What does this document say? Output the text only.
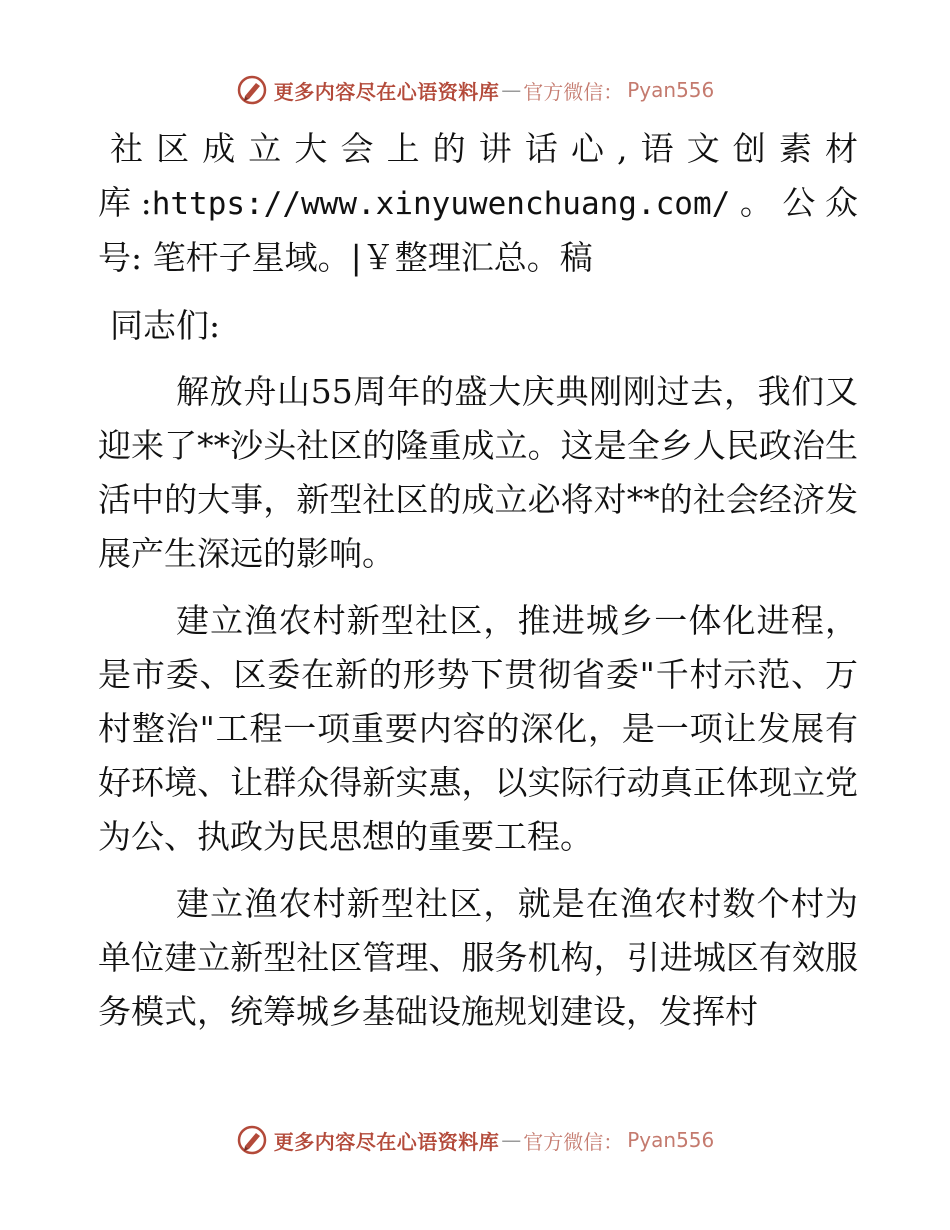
更多内容尽在心语资料库 — 官方微信： Pyan556

社区成立大会上的讲话心,语文创素材库:https://www.xinyuwenchuang.com/。公众号: 笔杆子星域。|￥整理汇总。稿

同志们:

解放舟山55周年的盛大庆典刚刚过去，我们又迎来了**沙头社区的隆重成立。这是全乡人民政治生活中的大事，新型社区的成立必将对**的社会经济发展产生深远的影响。

建立渔农村新型社区，推进城乡一体化进程，是市委、区委在新的形势下贯彻省委"千村示范、万村整治"工程一项重要内容的深化，是一项让发展有好环境、让群众得新实惠，以实际行动真正体现立党为公、执政为民思想的重要工程。

建立渔农村新型社区，就是在渔农村数个村为单位建立新型社区管理、服务机构，引进城区有效服务模式，统筹城乡基础设施规划建设，发挥村

更多内容尽在心语资料库 — 官方微信： Pyan556
